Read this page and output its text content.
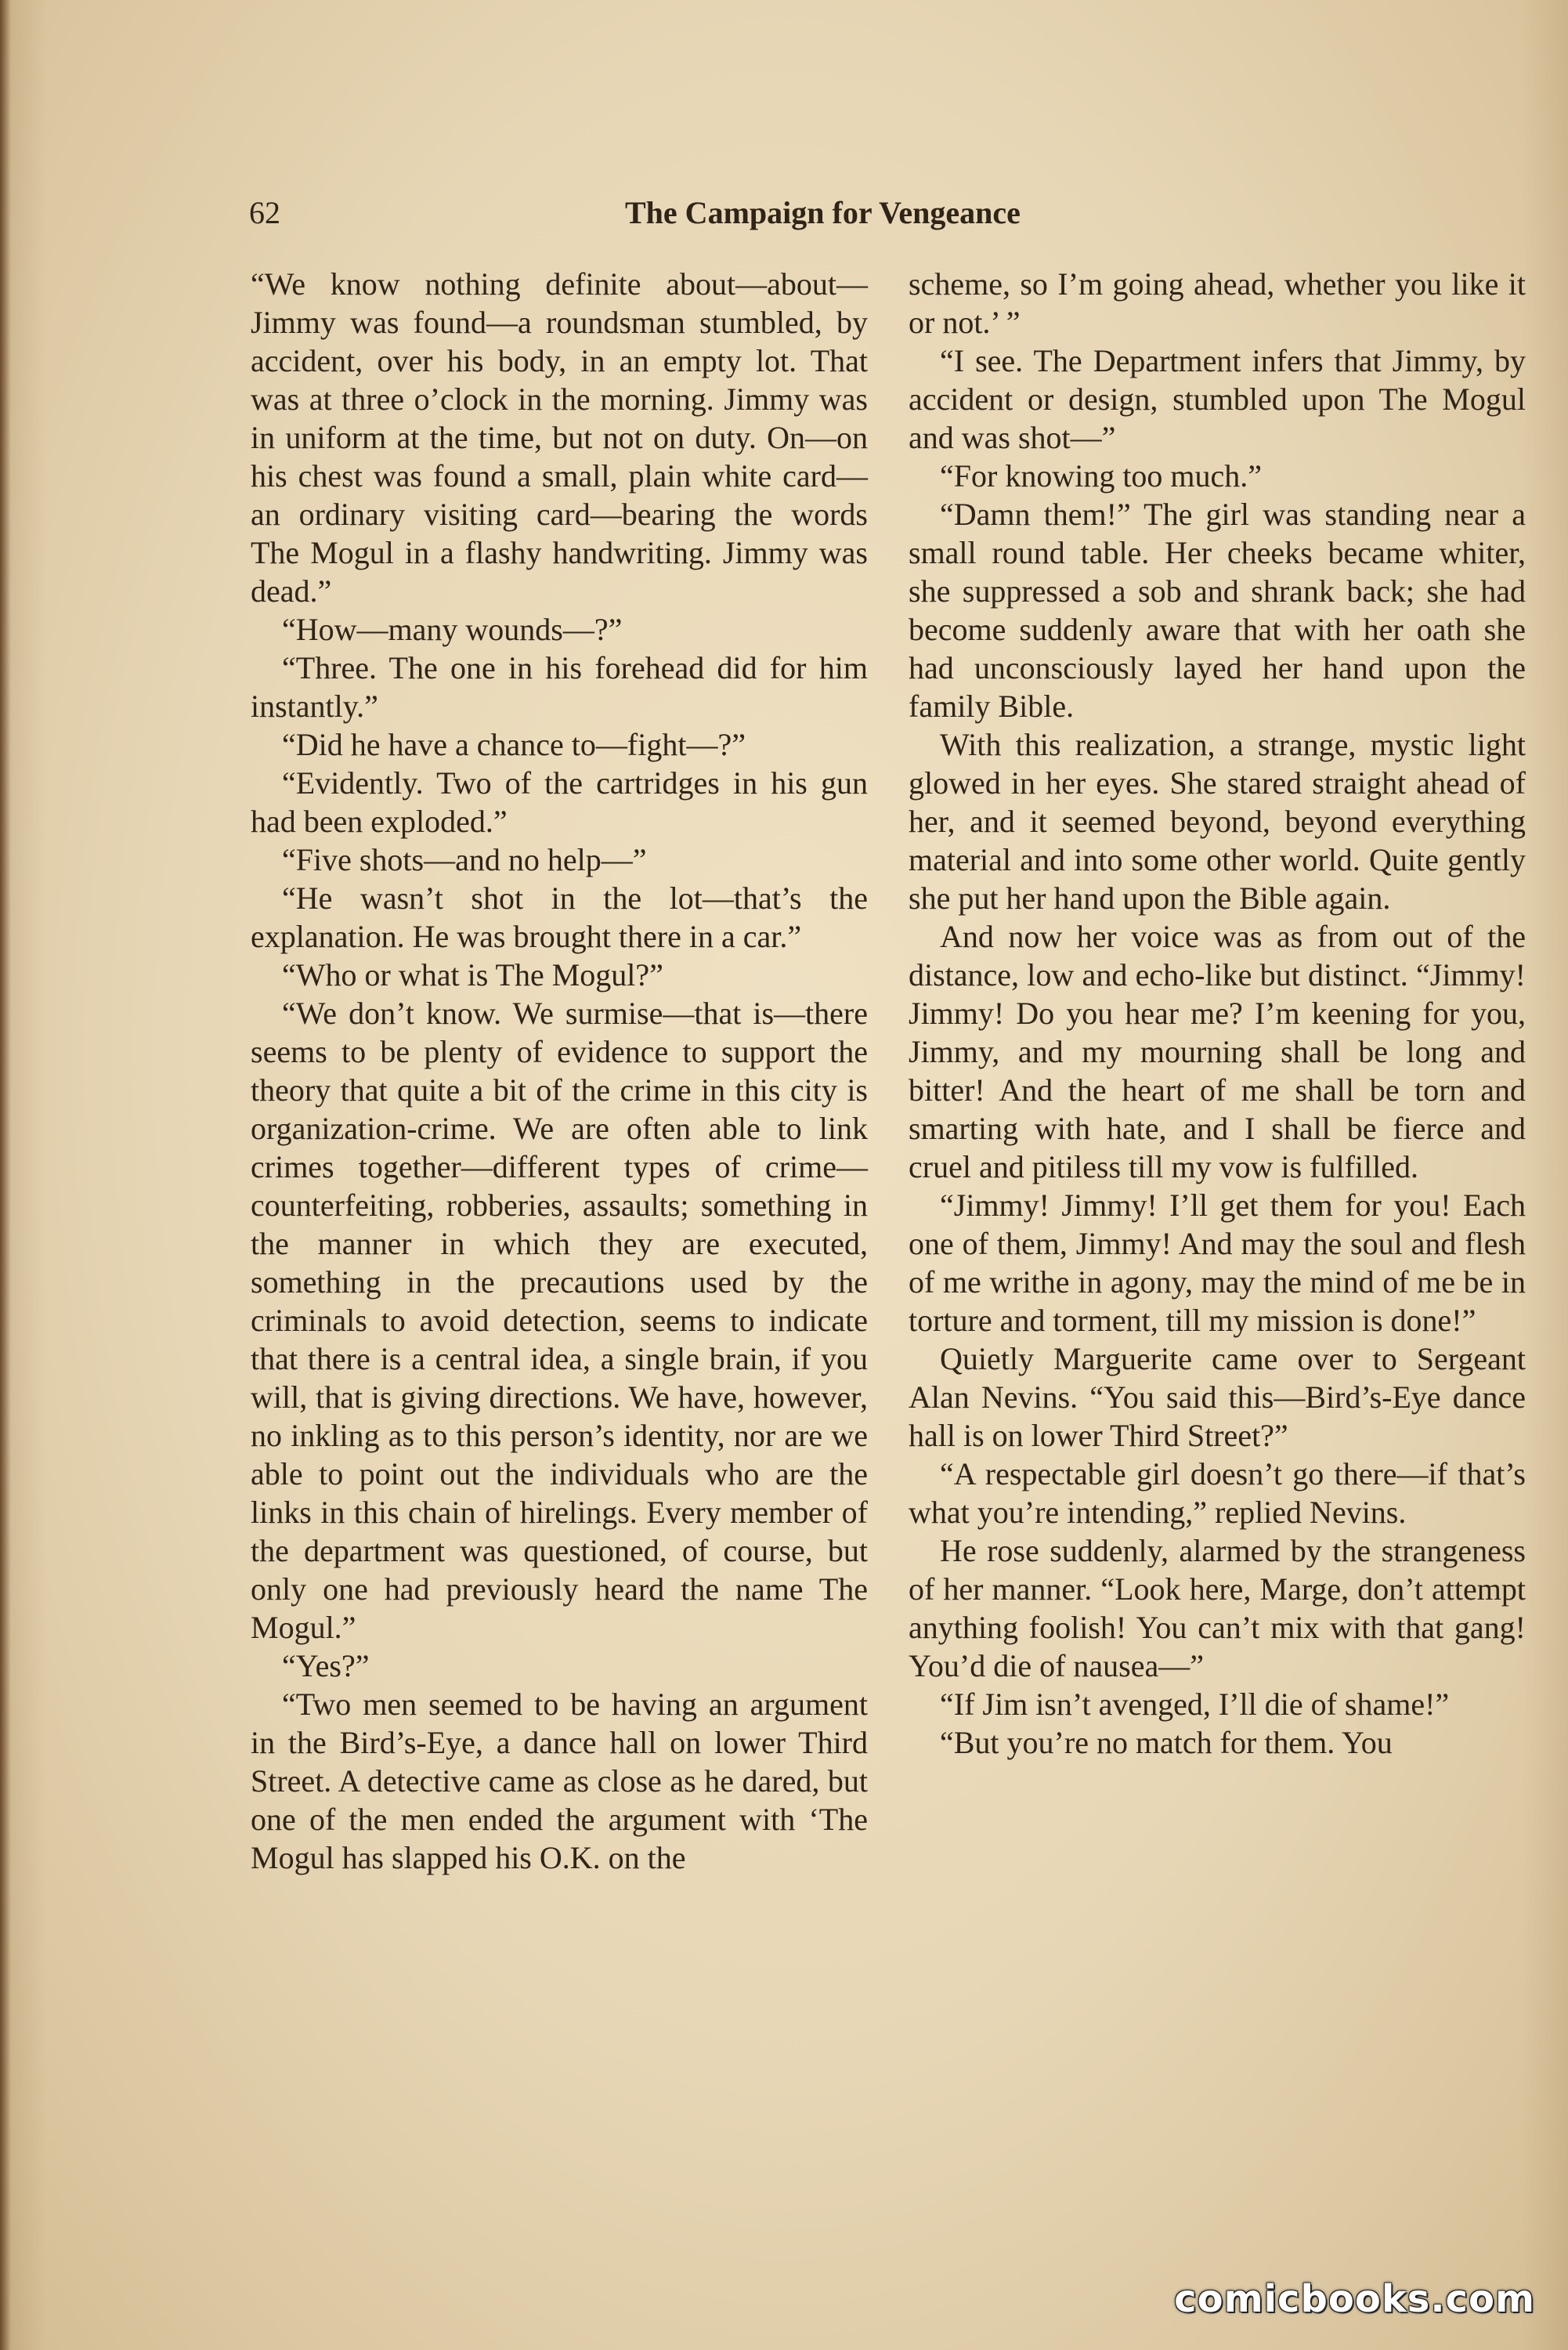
62	The Campaign for Vengeance

“We know nothing definite about—about—Jimmy was found—a roundsman stumbled, by accident, over his body, in an empty lot. That was at three o’clock in the morning. Jimmy was in uniform at the time, but not on duty. On—on his chest was found a small, plain white card—an ordinary visiting card—bearing the words The Mogul in a flashy handwriting. Jimmy was dead.”

“How—many wounds—?”

“Three. The one in his forehead did for him instantly.”

“Did he have a chance to—fight—?”

“Evidently. Two of the cartridges in his gun had been exploded.”

“Five shots—and no help—”

“He wasn’t shot in the lot—that’s the explanation. He was brought there in a car.”

“Who or what is The Mogul?”

“We don’t know. We surmise—that is—there seems to be plenty of evidence to support the theory that quite a bit of the crime in this city is organization-crime. We are often able to link crimes together—different types of crime—counterfeiting, robberies, assaults; something in the manner in which they are executed, something in the precautions used by the criminals to avoid detection, seems to indicate that there is a central idea, a single brain, if you will, that is giving directions. We have, however, no inkling as to this person’s identity, nor are we able to point out the individuals who are the links in this chain of hirelings. Every member of the department was questioned, of course, but only one had previously heard the name The Mogul.”

“Yes?”

“Two men seemed to be having an argument in the Bird’s-Eye, a dance hall on lower Third Street. A detective came as close as he dared, but one of the men ended the argument with ‘The Mogul has slapped his O.K. on the

scheme, so I’m going ahead, whether you like it or not.’ ”

“I see. The Department infers that Jimmy, by accident or design, stumbled upon The Mogul and was shot—”

“For knowing too much.”

“Damn them!” The girl was standing near a small round table. Her cheeks became whiter, she suppressed a sob and shrank back; she had become suddenly aware that with her oath she had unconsciously layed her hand upon the family Bible.

With this realization, a strange, mystic light glowed in her eyes. She stared straight ahead of her, and it seemed beyond, beyond everything material and into some other world. Quite gently she put her hand upon the Bible again.

And now her voice was as from out of the distance, low and echo-like but distinct. “Jimmy! Jimmy! Do you hear me? I’m keening for you, Jimmy, and my mourning shall be long and bitter! And the heart of me shall be torn and smarting with hate, and I shall be fierce and cruel and pitiless till my vow is fulfilled.

“Jimmy! Jimmy! I’ll get them for you! Each one of them, Jimmy! And may the soul and flesh of me writhe in agony, may the mind of me be in torture and torment, till my mission is done!”

Quietly Marguerite came over to Sergeant Alan Nevins. “You said this—Bird’s-Eye dance hall is on lower Third Street?”

“A respectable girl doesn’t go there—if that’s what you’re intending,” replied Nevins.

He rose suddenly, alarmed by the strangeness of her manner. “Look here, Marge, don’t attempt anything foolish! You can’t mix with that gang! You’d die of nausea—”

“If Jim isn’t avenged, I’ll die of shame!”

“But you’re no match for them. You

comicbooks.com
